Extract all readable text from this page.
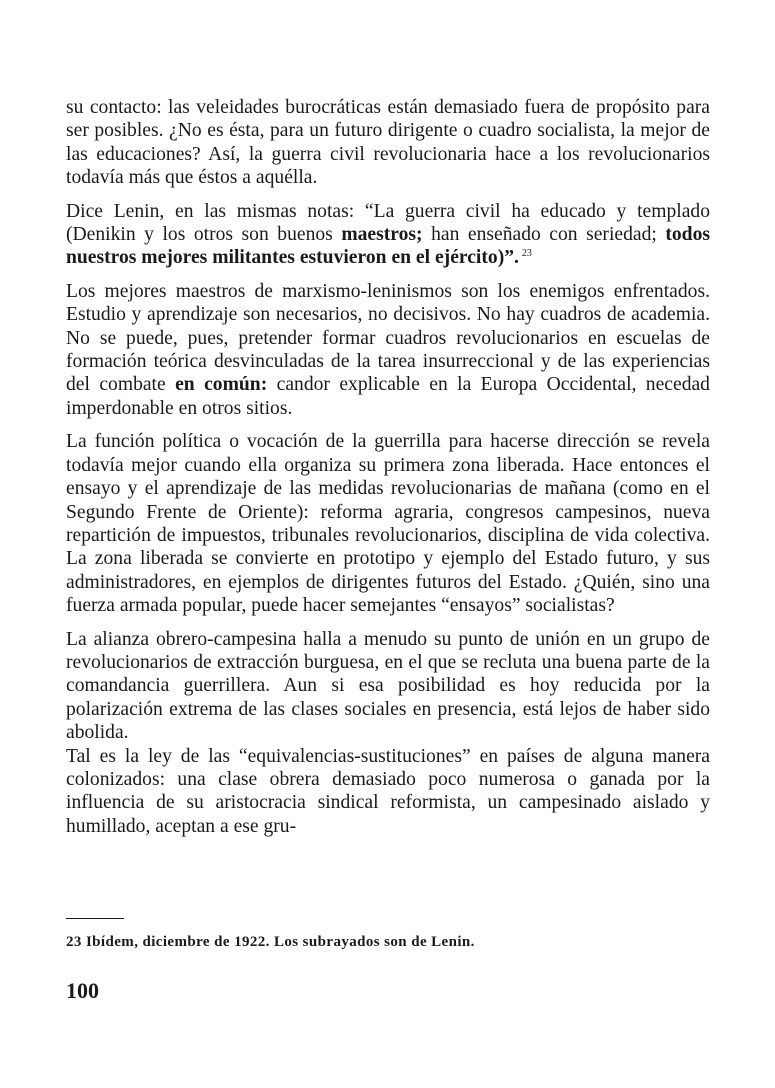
su contacto: las veleidades burocráticas están demasiado fuera de propósito para ser posibles. ¿No es ésta, para un futuro dirigente o cuadro socialista, la mejor de las educaciones? Así, la guerra civil revolucionaria hace a los revolucionarios todavía más que éstos a aquélla.

Dice Lenin, en las mismas notas: “La guerra civil ha educado y templado (Denikin y los otros son buenos maestros; han enseñado con seriedad; todos nuestros mejores militantes estuvieron en el ejército)”. $^{23}$

Los mejores maestros de marxismo-leninismos son los enemigos enfrentados. Estudio y aprendizaje son necesarios, no decisivos. No hay cuadros de academia. No se puede, pues, pretender formar cuadros revolucionarios en escuelas de formación teórica desvinculadas de la tarea insurreccional y de las experiencias del combate en común: candor explicable en la Europa Occidental, necedad imperdonable en otros sitios.

La función política o vocación de la guerrilla para hacerse dirección se revela todavía mejor cuando ella organiza su primera zona liberada. Hace entonces el ensayo y el aprendizaje de las medidas revolucionarias de mañana (como en el Segundo Frente de Oriente): reforma agraria, congresos campesinos, nueva repartición de impuestos, tribunales revolucionarios, disciplina de vida colectiva. La zona liberada se convierte en prototipo y ejemplo del Estado futuro, y sus administradores, en ejemplos de dirigentes futuros del Estado. ¿Quién, sino una fuerza armada popular, puede hacer semejantes “ensayos” socialistas?

La alianza obrero-campesina halla a menudo su punto de unión en un grupo de revolucionarios de extracción burguesa, en el que se recluta una buena parte de la comandancia guerrillera. Aun si esa posibilidad es hoy reducida por la polarización extrema de las clases sociales en presencia, está lejos de haber sido abolida.

Tal es la ley de las “equivalencias-sustituciones” en países de alguna manera colonizados: una clase obrera demasiado poco numerosa o ganada por la influencia de su aristocracia sindical reformista, un campesinado aislado y humillado, aceptan a ese gru-

23 Ibídem, diciembre de 1922. Los subrayados son de Lenin.
100
